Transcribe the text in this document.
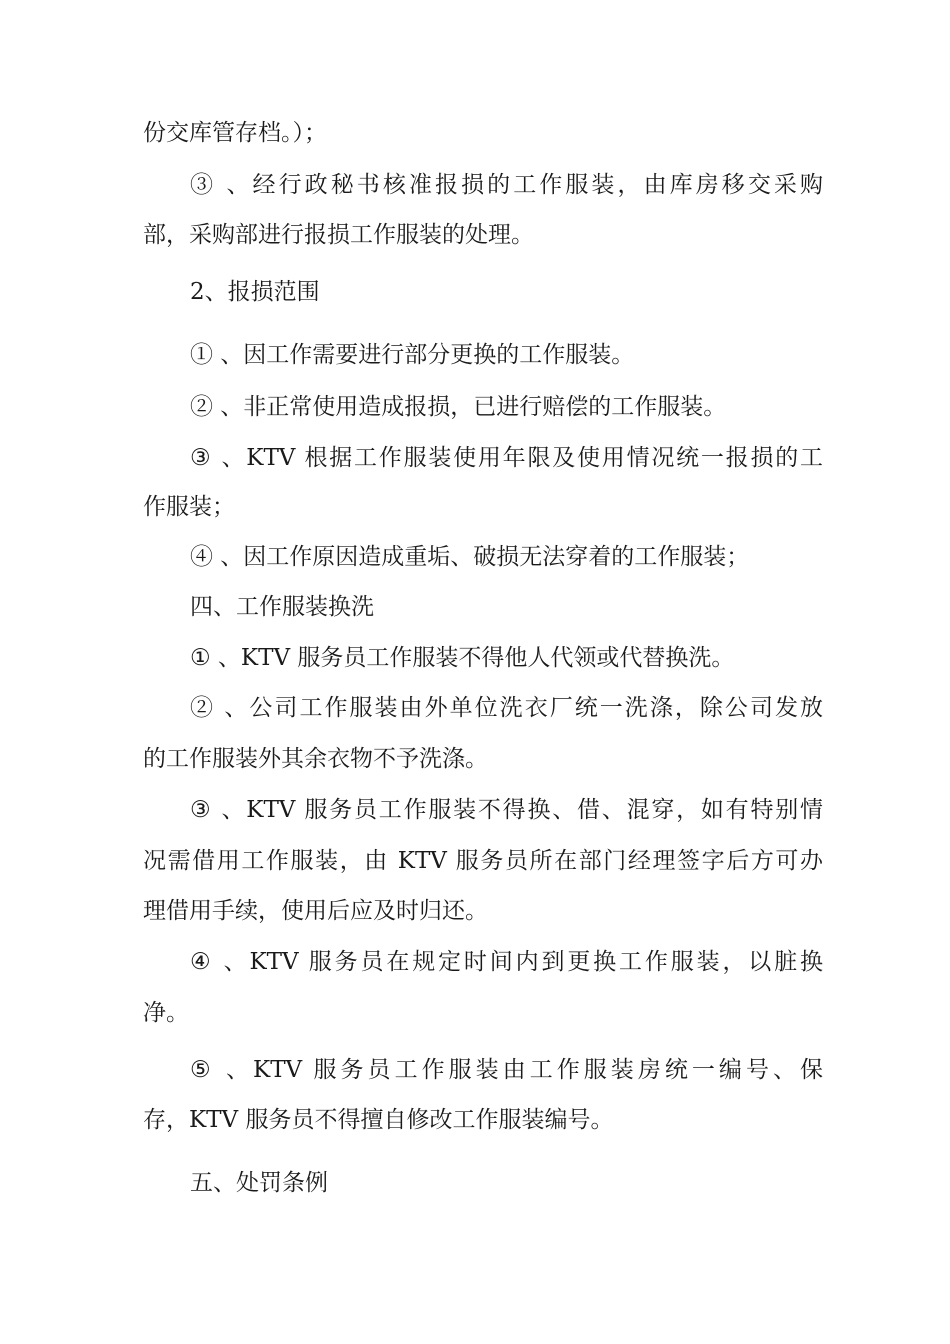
份交库管存档。）；
③ 、经行政秘书核准报损的工作服装，由库房移交采购
部，采购部进行报损工作服装的处理。
2、报损范围
① 、因工作需要进行部分更换的工作服装。
② 、非正常使用造成报损，已进行赔偿的工作服装。
③ 、KTV 根据工作服装使用年限及使用情况统一报损的工
作服装；
④ 、因工作原因造成重垢、破损无法穿着的工作服装；
四、工作服装换洗
① 、KTV 服务员工作服装不得他人代领或代替换洗。
② 、公司工作服装由外单位洗衣厂统一洗涤，除公司发放
的工作服装外其余衣物不予洗涤。
③ 、KTV 服务员工作服装不得换、借、混穿，如有特别情
况需借用工作服装，由 KTV 服务员所在部门经理签字后方可办
理借用手续，使用后应及时归还。
④ 、KTV 服务员在规定时间内到更换工作服装，以脏换
净。
⑤ 、KTV 服务员工作服装由工作服装房统一编号、保
存，KTV 服务员不得擅自修改工作服装编号。
五、处罚条例
